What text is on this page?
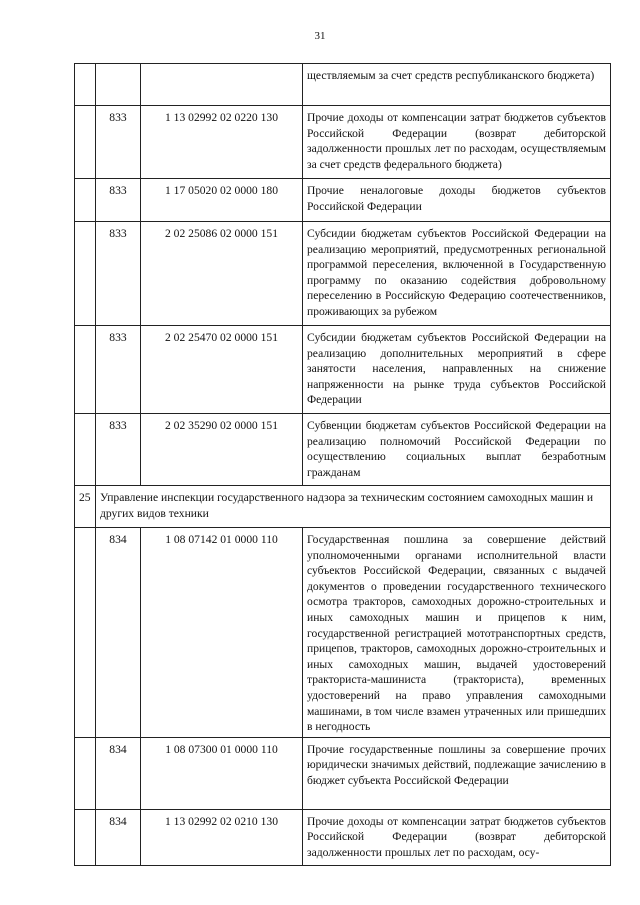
31
			ществляемым за счет средств республиканского бюджета)
	833	1 13 02992 02 0220 130	Прочие доходы от компенсации затрат бюджетов субъектов Российской Федерации (возврат дебиторской задолженности прошлых лет по расходам, осуществляемым за счет средств федерального бюджета)
	833	1 17 05020 02 0000 180	Прочие неналоговые доходы бюджетов субъектов Российской Федерации
	833	2 02 25086 02 0000 151	Субсидии бюджетам субъектов Российской Федерации на реализацию мероприятий, предусмотренных региональной программой переселения, включенной в Государственную программу по оказанию содействия добровольному переселению в Российскую Федерацию соотечественников, проживающих за рубежом
	833	2 02 25470 02 0000 151	Субсидии бюджетам субъектов Российской Федерации на реализацию дополнительных мероприятий в сфере занятости населения, направленных на снижение напряженности на рынке труда субъектов Российской Федерации
	833	2 02 35290 02 0000 151	Субвенции бюджетам субъектов Российской Федерации на реализацию полномочий Российской Федерации по осуществлению социальных выплат безработным гражданам
25	Управление инспекции государственного надзора за техническим состоянием самоходных машин и других видов техники		
	834	1 08 07142 01 0000 110	Государственная пошлина за совершение действий уполномоченными органами исполнительной власти субъектов Российской Федерации, связанных с выдачей документов о проведении государственного технического осмотра тракторов, самоходных дорожно-строительных и иных самоходных машин и прицепов к ним, государственной регистрацией мототранспортных средств, прицепов, тракторов, самоходных дорожно-строительных и иных самоходных машин, выдачей удостоверений тракториста-машиниста (тракториста), временных удостоверений на право управления самоходными машинами, в том числе взамен утраченных или пришедших в негодность
	834	1 08 07300 01 0000 110	Прочие государственные пошлины за совершение прочих юридически значимых действий, подлежащие зачислению в бюджет субъекта Российской Федерации
	834	1 13 02992 02 0210 130	Прочие доходы от компенсации затрат бюджетов субъектов Российской Федерации (возврат дебиторской задолженности прошлых лет по расходам, осу-
